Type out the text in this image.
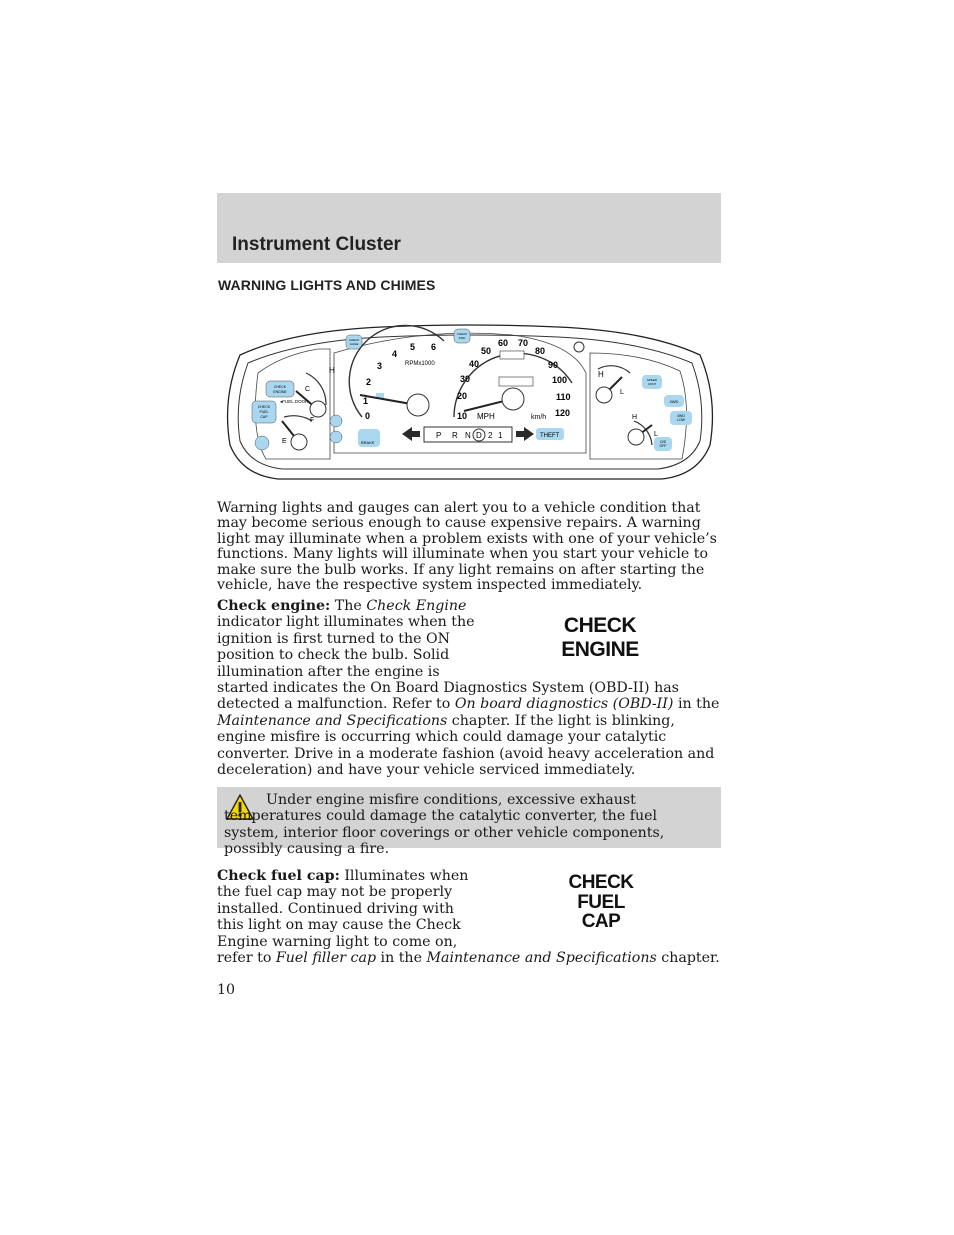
Instrument Cluster
WARNING LIGHTS AND CHIMES
H
C
F
E
◂FUEL DOOR
CHECK
ENGINE
CHECK
FUEL
CAP
CHECK
GAGE
CHECK
4WD
0
1
2
3
4
5 6
RPMx1000
10
20
30
40
50
60 70
80
90
100
110
120
MPH	km/h
P R N D 2 1	THEFT
BRAKE
H
L
H
L
SPEED
CONT
4WD
4WD
LOW
O/D
OFF
Warning lights and gauges can alert you to a vehicle condition that may become serious enough to cause expensive repairs. A warning light may illuminate when a problem exists with one of your vehicle’s functions. Many lights will illuminate when you start your vehicle to make sure the bulb works. If any light remains on after starting the vehicle, have the respective system inspected immediately.
Check engine: The Check Engine indicator light illuminates when the ignition is first turned to the ON position to check the bulb. Solid illumination after the engine is
CHECK
ENGINE
started indicates the On Board Diagnostics System (OBD-II) has detected a malfunction. Refer to On board diagnostics (OBD-II) in the Maintenance and Specifications chapter. If the light is blinking, engine misfire is occurring which could damage your catalytic converter. Drive in a moderate fashion (avoid heavy acceleration and deceleration) and have your vehicle serviced immediately.
Under engine misfire conditions, excessive exhaust temperatures could damage the catalytic converter, the fuel system, interior floor coverings or other vehicle components, possibly causing a fire.
Check fuel cap: Illuminates when the fuel cap may not be properly installed. Continued driving with this light on may cause the Check Engine warning light to come on,
CHECK
FUEL
CAP
refer to Fuel filler cap in the Maintenance and Specifications chapter.
10
